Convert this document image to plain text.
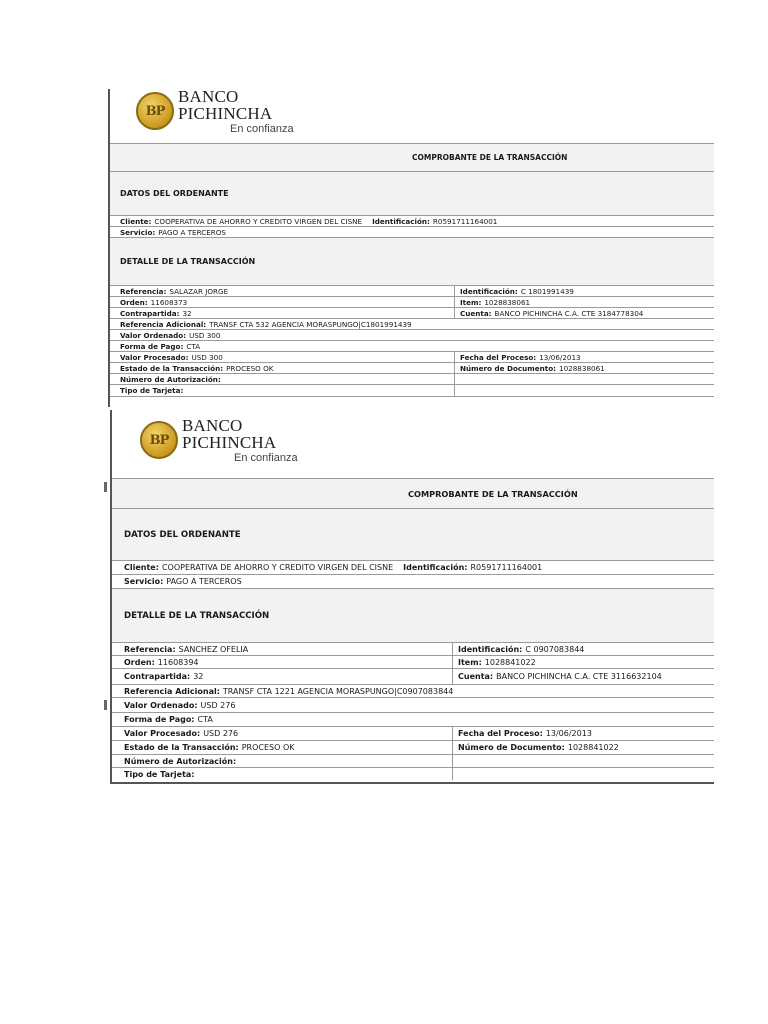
BP
BANCO PICHINCHA
En confianza
COMPROBANTE DE LA TRANSACCIÓN
DATOS DEL ORDENANTE
Cliente: COOPERATIVA DE AHORRO Y CREDITO VIRGEN DEL CISNE Identificación: R0591711164001
Servicio: PAGO A TERCEROS
DETALLE DE LA TRANSACCIÓN
Referencia: SALAZAR JORGE	Identificación: C 1801991439
Orden: 11608373	Item: 1028838061
Contrapartida: 32	Cuenta: BANCO PICHINCHA C.A. CTE 3184778304
Referencia Adicional: TRANSF CTA 532 AGENCIA MORASPUNGO|C1801991439
Valor Ordenado: USD 300
Forma de Pago: CTA
Valor Procesado: USD 300	Fecha del Proceso: 13/06/2013
Estado de la Transacción: PROCESO OK	Número de Documento: 1028838061
Número de Autorización:
Tipo de Tarjeta:
BP
BANCO PICHINCHA
En confianza
COMPROBANTE DE LA TRANSACCIÓN
DATOS DEL ORDENANTE
Cliente: COOPERATIVA DE AHORRO Y CREDITO VIRGEN DEL CISNE Identificación: R0591711164001
Servicio: PAGO A TERCEROS
DETALLE DE LA TRANSACCIÓN
Referencia: SANCHEZ OFELIA	Identificación: C 0907083844
Orden: 11608394	Item: 1028841022
Contrapartida: 32	Cuenta: BANCO PICHINCHA C.A. CTE 3116632104
Referencia Adicional: TRANSF CTA 1221 AGENCIA MORASPUNGO|C0907083844
Valor Ordenado: USD 276
Forma de Pago: CTA
Valor Procesado: USD 276	Fecha del Proceso: 13/06/2013
Estado de la Transacción: PROCESO OK	Número de Documento: 1028841022
Número de Autorización:
Tipo de Tarjeta:
